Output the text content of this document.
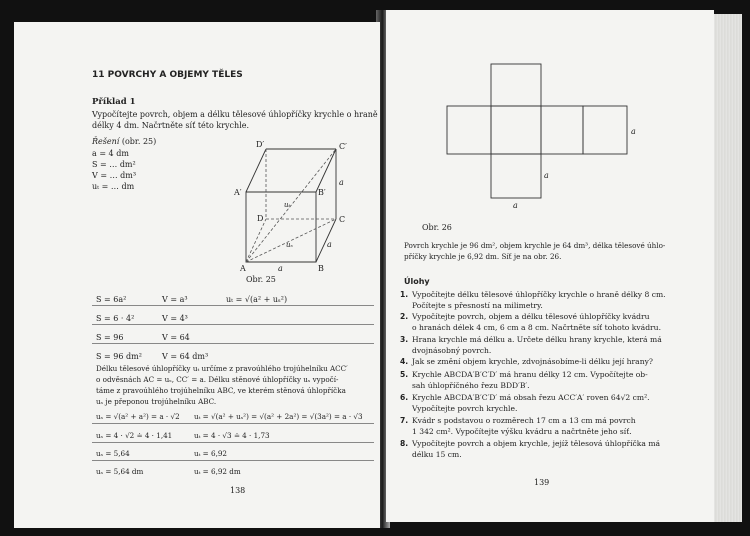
11 POVRCHY A OBJEMY TĚLES
Příklad 1
Vypočítejte povrch, objem a délku tělesové úhlopříčky krychle o hraně
délky 4 dm. Načrtněte síť této krychle.
Řešení (obr. 25)
a = 4 dm
S = … dm²
V = … dm³
uₜ = … dm
D′	C′
A′	B′
D	C
A	B
a
a
a
uₜ
uₛ
Obr. 25
S = 6a²	V = a³	uₜ = √(a² + uₛ²)
S = 6 · 4²	V = 4³
S = 96	V = 64
S = 96 dm²	V = 64 dm³
Délku tělesové úhlopříčky uₜ určíme z pravoúhlého trojúhelníku ACC′
o odvěsnách AC = uₛ, CC′ = a. Délku stěnové úhlopříčky uₛ vypočí-
táme z pravoúhlého trojúhelníku ABC, ve kterém stěnová úhlopříčka
uₛ je přeponou trojúhelníku ABC.
uₛ = √(a² + a²) = a · √2 uₜ = √(a² + uₛ²) = √(a² + 2a²) = √(3a²) = a · √3
uₛ = 4 · √2 ≐ 4 · 1,41	uₜ = 4 · √3 ≐ 4 · 1,73
uₛ = 5,64	uₜ = 6,92
uₛ = 5,64 dm	uₜ = 6,92 dm
138
a
a
a
Obr. 26
Povrch krychle je 96 dm², objem krychle je 64 dm³, délka tělesové úhlo-
příčky krychle je 6,92 dm. Síť je na obr. 26.
Úlohy
1. Vypočítejte délku tělesové úhlopříčky krychle o hraně délky 8 cm.
Počítejte s přesností na milimetry.
2. Vypočítejte povrch, objem a délku tělesové úhlopříčky kvádru
o hranách délek 4 cm, 6 cm a 8 cm. Načrtněte síť tohoto kvádru.
3. Hrana krychle má délku a. Určete délku hrany krychle, která má
dvojnásobný povrch.
4. Jak se změní objem krychle, zdvojnásobíme-li délku její hrany?
5. Krychle ABCDA′B′C′D′ má hranu délky 12 cm. Vypočítejte ob-
sah úhlopříčného řezu BDD′B′.
6. Krychle ABCDA′B′C′D′ má obsah řezu ACC′A′ roven 64√2 cm².
Vypočítejte povrch krychle.
7. Kvádr s podstavou o rozměrech 17 cm a 13 cm má povrch
1 342 cm². Vypočítejte výšku kvádru a načrtněte jeho síť.
8. Vypočítejte povrch a objem krychle, jejíž tělesová úhlopříčka má
délku 15 cm.
139
